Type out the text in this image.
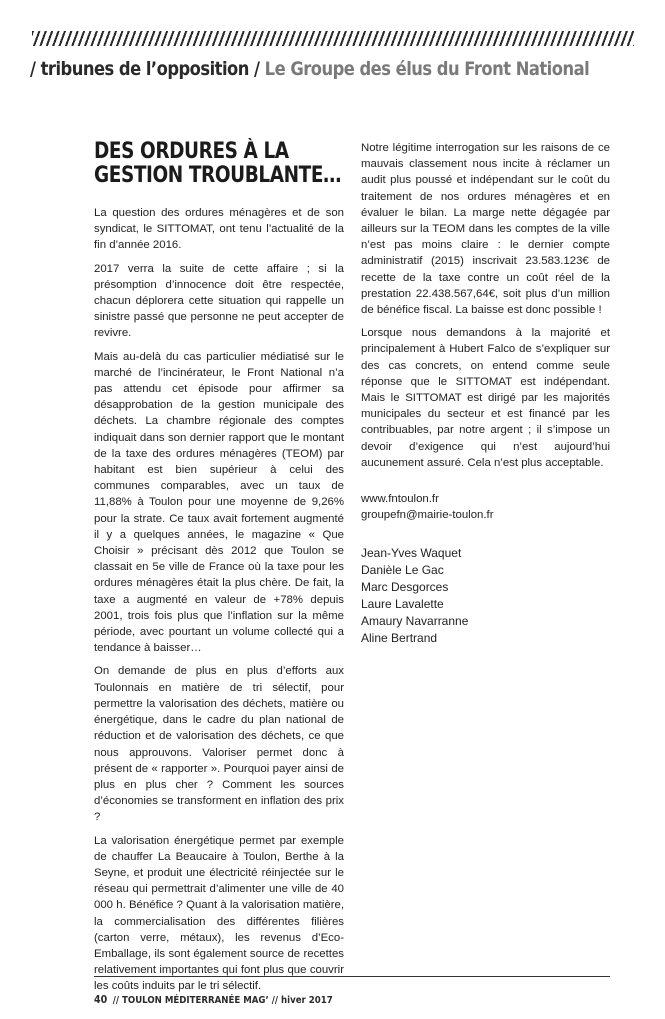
/ tribunes de l’opposition / Le Groupe des élus du Front National
DES ORDURES À LA GESTION TROUBLANTE…

La question des ordures ménagères et de son syndicat, le SITTOMAT, ont tenu l’actualité de la fin d’année 2016.

2017 verra la suite de cette affaire ; si la présomption d’innocence doit être respectée, chacun déplorera cette situation qui rappelle un sinistre passé que personne ne peut accepter de revivre.

Mais au-delà du cas particulier médiatisé sur le marché de l’incinérateur, le Front National n’a pas attendu cet épisode pour affirmer sa désapprobation de la gestion municipale des déchets. La chambre régionale des comptes indiquait dans son dernier rapport que le montant de la taxe des ordures ménagères (TEOM) par habitant est bien supérieur à celui des communes comparables, avec un taux de 11,88% à Toulon pour une moyenne de 9,26% pour la strate. Ce taux avait fortement augmenté il y a quelques années, le magazine « Que Choisir » précisant dès 2012 que Toulon se classait en 5e ville de France où la taxe pour les ordures ménagères était la plus chère. De fait, la taxe a augmenté en valeur de +78% depuis 2001, trois fois plus que l’inflation sur la même période, avec pourtant un volume collecté qui a tendance à baisser…

On demande de plus en plus d’efforts aux Toulonnais en matière de tri sélectif, pour permettre la valorisation des déchets, matière ou énergétique, dans le cadre du plan national de réduction et de valorisation des déchets, ce que nous approuvons. Valoriser permet donc à présent de « rapporter ». Pourquoi payer ainsi de plus en plus cher ? Comment les sources d’économies se transforment en inflation des prix ?

La valorisation énergétique permet par exemple de chauffer La Beaucaire à Toulon, Berthe à la Seyne, et produit une électricité réinjectée sur le réseau qui permettrait d’alimenter une ville de 40 000 h. Bénéfice ? Quant à la valorisation matière, la commercialisation des différentes filières (carton verre, métaux), les revenus d’Eco-Emballage, ils sont également source de recettes relativement importantes qui font plus que couvrir les coûts induits par le tri sélectif.

Notre légitime interrogation sur les raisons de ce mauvais classement nous incite à réclamer un audit plus poussé et indépendant sur le coût du traitement de nos ordures ménagères et en évaluer le bilan. La marge nette dégagée par ailleurs sur la TEOM dans les comptes de la ville n’est pas moins claire : le dernier compte administratif (2015) inscrivait 23.583.123€ de recette de la taxe contre un coût réel de la prestation 22.438.567,64€, soit plus d’un million de bénéfice fiscal. La baisse est donc possible !

Lorsque nous demandons à la majorité et principalement à Hubert Falco de s’expliquer sur des cas concrets, on entend comme seule réponse que le SITTOMAT est indépendant. Mais le SITTOMAT est dirigé par les majorités municipales du secteur et est financé par les contribuables, par notre argent ; il s’impose un devoir d’exigence qui n’est aujourd’hui aucunement assuré. Cela n’est plus acceptable.

www.fntoulon.fr
groupefn@mairie-toulon.fr
Jean-Yves Waquet
Danièle Le Gac
Marc Desgorces
Laure Lavalette
Amaury Navarranne
Aline Bertrand
40 // TOULON MÉDITERRANÉE MAG’ // hiver 2017
